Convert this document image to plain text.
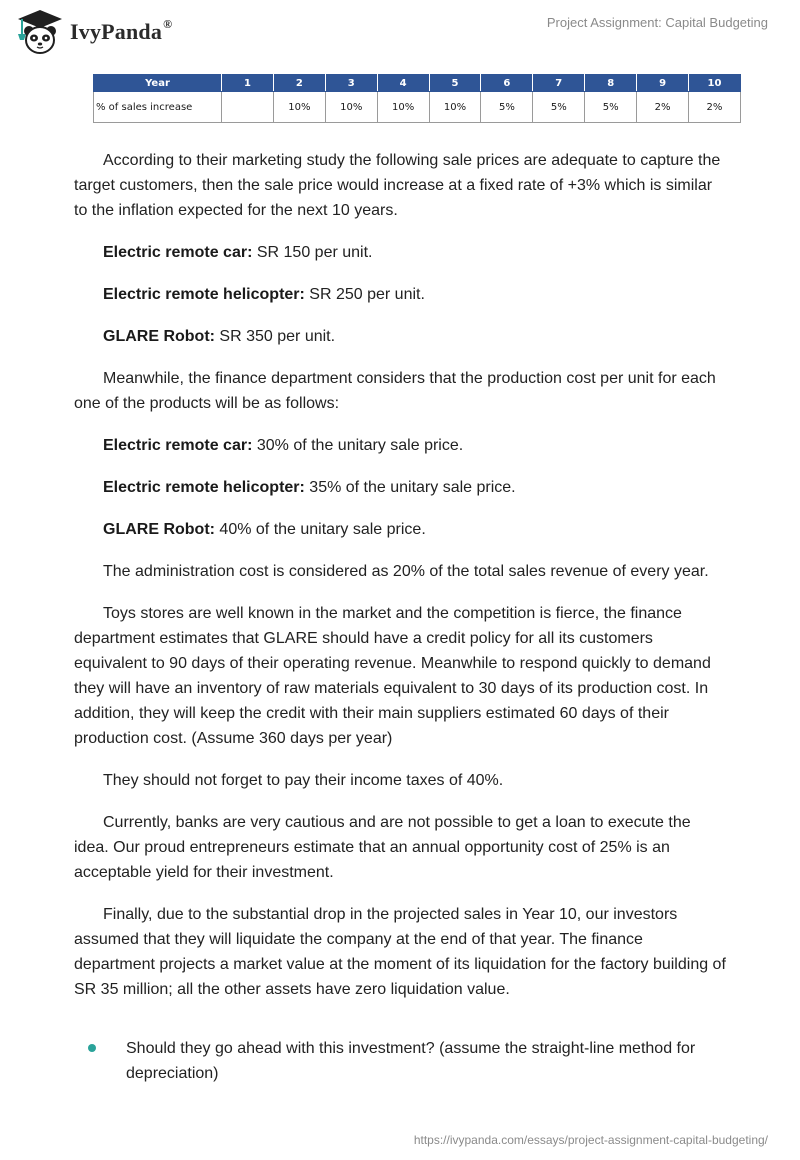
IvyPanda®	Project Assignment: Capital Budgeting
Year	1	2	3	4	5	6	7	8	9	10
% of sales increase		10%	10%	10%	10%	5%	5%	5%	2%	2%

According to their marketing study the following sale prices are adequate to capture the target customers, then the sale price would increase at a fixed rate of +3% which is similar to the inflation expected for the next 10 years.

Electric remote car: SR 150 per unit.

Electric remote helicopter: SR 250 per unit.

GLARE Robot: SR 350 per unit.

Meanwhile, the finance department considers that the production cost per unit for each one of the products will be as follows:

Electric remote car: 30% of the unitary sale price.

Electric remote helicopter: 35% of the unitary sale price.

GLARE Robot: 40% of the unitary sale price.

The administration cost is considered as 20% of the total sales revenue of every year.

Toys stores are well known in the market and the competition is fierce, the finance department estimates that GLARE should have a credit policy for all its customers equivalent to 90 days of their operating revenue. Meanwhile to respond quickly to demand they will have an inventory of raw materials equivalent to 30 days of its production cost. In addition, they will keep the credit with their main suppliers estimated 60 days of their production cost. (Assume 360 days per year)

They should not forget to pay their income taxes of 40%.

Currently, banks are very cautious and are not possible to get a loan to execute the idea. Our proud entrepreneurs estimate that an annual opportunity cost of 25% is an acceptable yield for their investment.

Finally, due to the substantial drop in the projected sales in Year 10, our investors assumed that they will liquidate the company at the end of that year. The finance department projects a market value at the moment of its liquidation for the factory building of SR 35 million; all the other assets have zero liquidation value.

Should they go ahead with this investment? (assume the straight-line method for depreciation)
https://ivypanda.com/essays/project-assignment-capital-budgeting/
